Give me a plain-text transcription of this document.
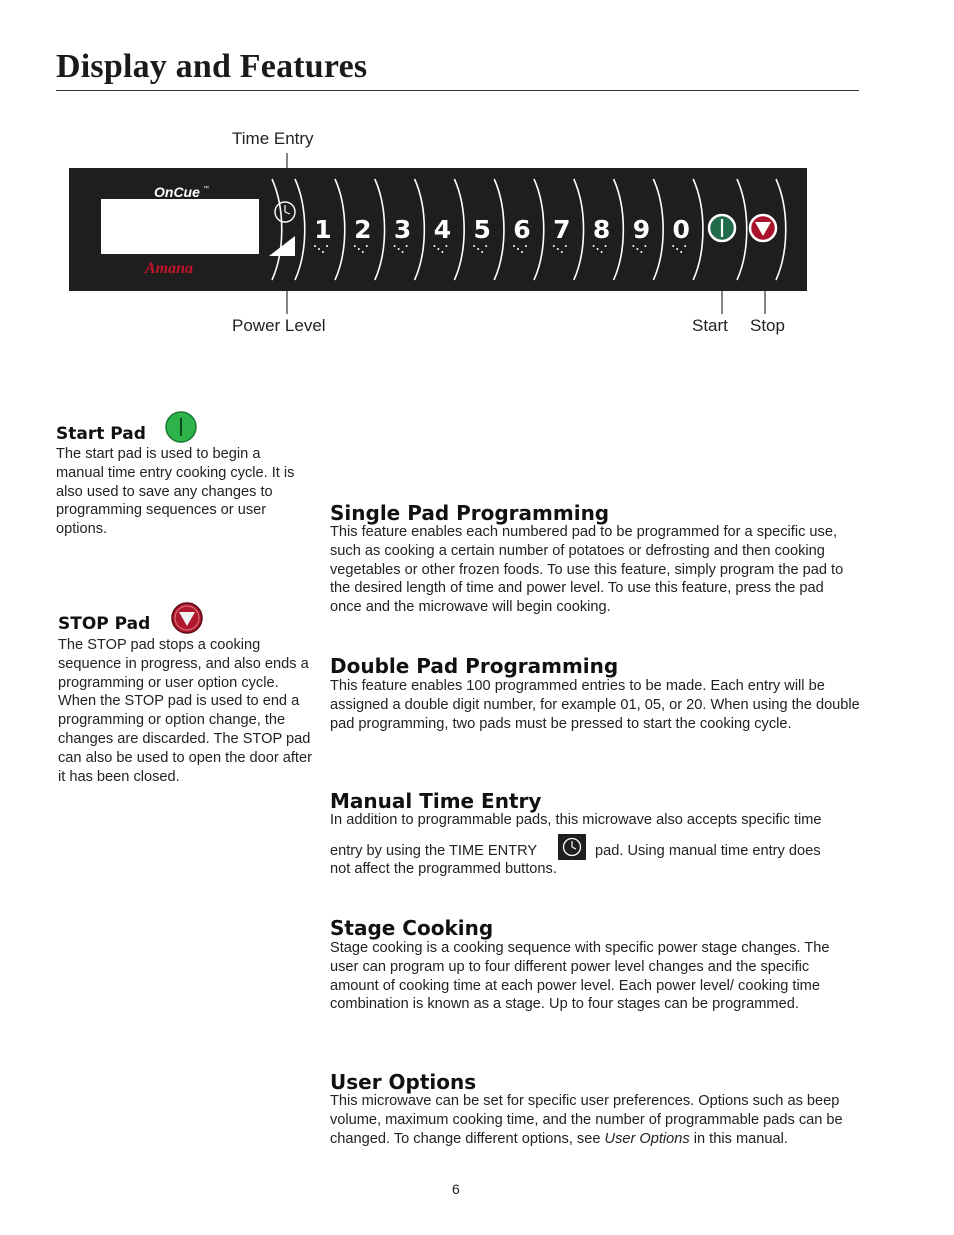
Display and Features
Time Entry
Power Level	Start Stop
OnCue ™
Amana
1 2 3 4 5 6 7 8 9 0
Start Pad
The start pad is used to begin a manual time entry cooking cycle. It is also used to save any changes to programming sequences or user options.
STOP Pad
The STOP pad stops a cooking sequence in progress, and also ends a programming or user option cycle. When the STOP pad is used to end a programming or option change, the changes are discarded. The STOP pad can also be used to open the door after it has been closed.
Single Pad Programming
This feature enables each numbered pad to be programmed for a specific use, such as cooking a certain number of potatoes or defrosting and then cooking vegetables or other frozen foods. To use this feature, simply program the pad to the desired length of time and power level. To use this feature, press the pad once and the microwave will begin cooking.
Double Pad Programming
This feature enables 100 programmed entries to be made. Each entry will be assigned a double digit number, for example 01, 05, or 20. When using the double pad programming, two pads must be pressed to start the cooking cycle.
Manual Time Entry
In addition to programmable pads, this microwave also accepts specific time
entry by using the TIME ENTRY	pad. Using manual time entry does
not affect the programmed buttons.
Stage Cooking
Stage cooking is a cooking sequence with specific power stage changes. The user can program up to four different power level changes and the specific amount of cooking time at each power level. Each power level/ cooking time combination is known as a stage. Up to four stages can be programmed.
User Options
This microwave can be set for specific user preferences. Options such as beep volume, maximum cooking time, and the number of programmable pads can be changed. To change different options, see User Options in this manual.
6
